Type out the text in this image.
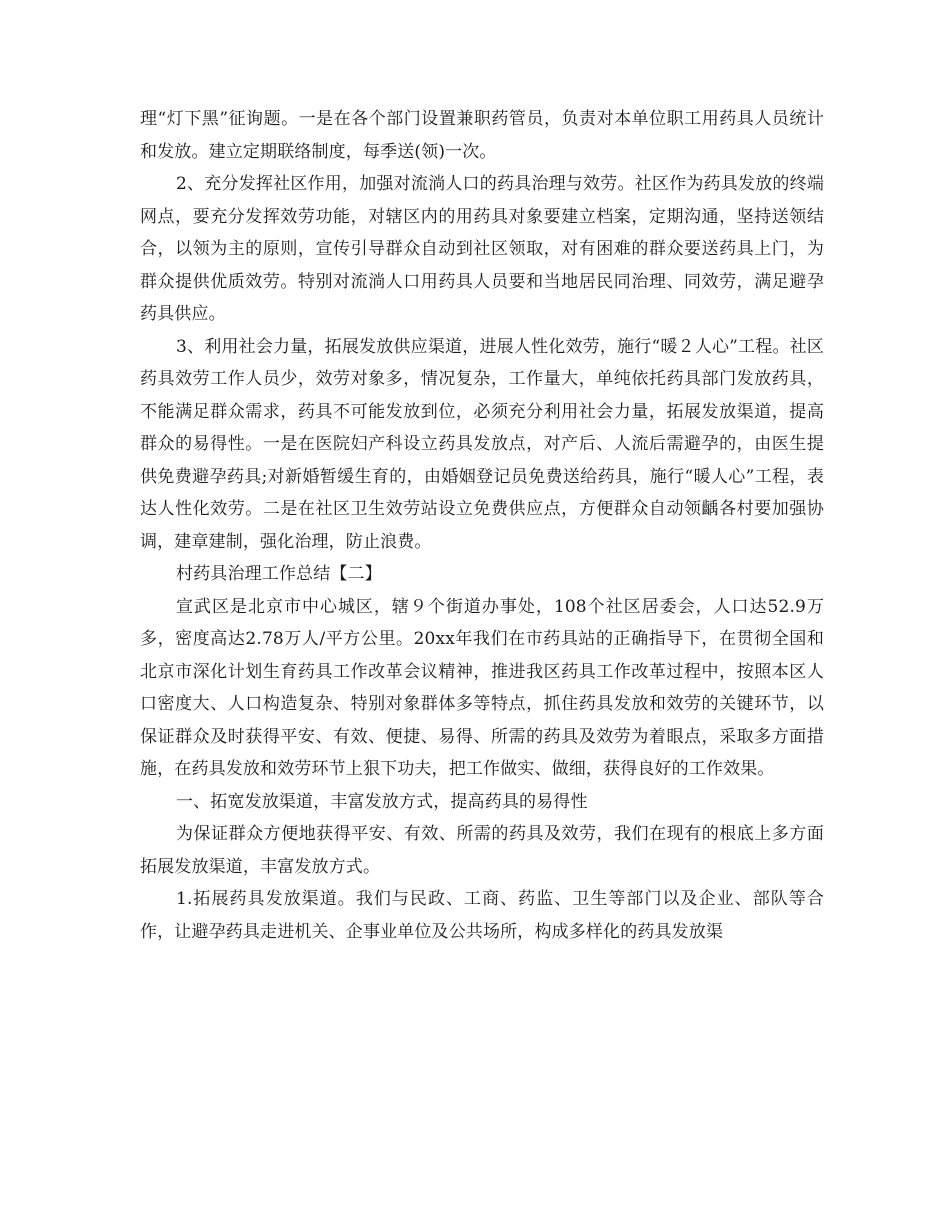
理“灯下黑”征询题。一是在各个部门设置兼职药管员，负责对本单位职工用药具人员统计和发放。建立定期联络制度，每季送(领)一次。

2、充分发挥社区作用，加强对流淌人口的药具治理与效劳。社区作为药具发放的终端网点，要充分发挥效劳功能，对辖区内的用药具对象要建立档案，定期沟通，坚持送领结合，以领为主的原则，宣传引导群众自动到社区领取，对有困难的群众要送药具上门，为群众提供优质效劳。特别对流淌人口用药具人员要和当地居民同治理、同效劳，满足避孕药具供应。

3、利用社会力量，拓展发放供应渠道，进展人性化效劳，施行“暖２人心”工程。社区药具效劳工作人员少，效劳对象多，情况复杂，工作量大，单纯依托药具部门发放药具，不能满足群众需求，药具不可能发放到位，必须充分利用社会力量，拓展发放渠道，提高群众的易得性。一是在医院妇产科设立药具发放点，对产后、人流后需避孕的，由医生提供免费避孕药具;对新婚暂缓生育的，由婚姻登记员免费送给药具，施行“暖人心”工程，表达人性化效劳。二是在社区卫生效劳站设立免费供应点，方便群众自动领齲各村要加强协调，建章建制，强化治理，防止浪费。

村药具治理工作总结【二】

宣武区是北京市中心城区，辖９个街道办事处，108个社区居委会，人口达52.9万多，密度高达2.78万人/平方公里。20xx年我们在市药具站的正确指导下，在贯彻全国和北京市深化计划生育药具工作改革会议精神，推进我区药具工作改革过程中，按照本区人口密度大、人口构造复杂、特别对象群体多等特点，抓住药具发放和效劳的关键环节，以保证群众及时获得平安、有效、便捷、易得、所需的药具及效劳为着眼点，采取多方面措施，在药具发放和效劳环节上狠下功夫，把工作做实、做细，获得良好的工作效果。

一、拓宽发放渠道，丰富发放方式，提高药具的易得性

为保证群众方便地获得平安、有效、所需的药具及效劳，我们在现有的根底上多方面拓展发放渠道，丰富发放方式。

1.拓展药具发放渠道。我们与民政、工商、药监、卫生等部门以及企业、部队等合作，让避孕药具走进机关、企事业单位及公共场所，构成多样化的药具发放渠
